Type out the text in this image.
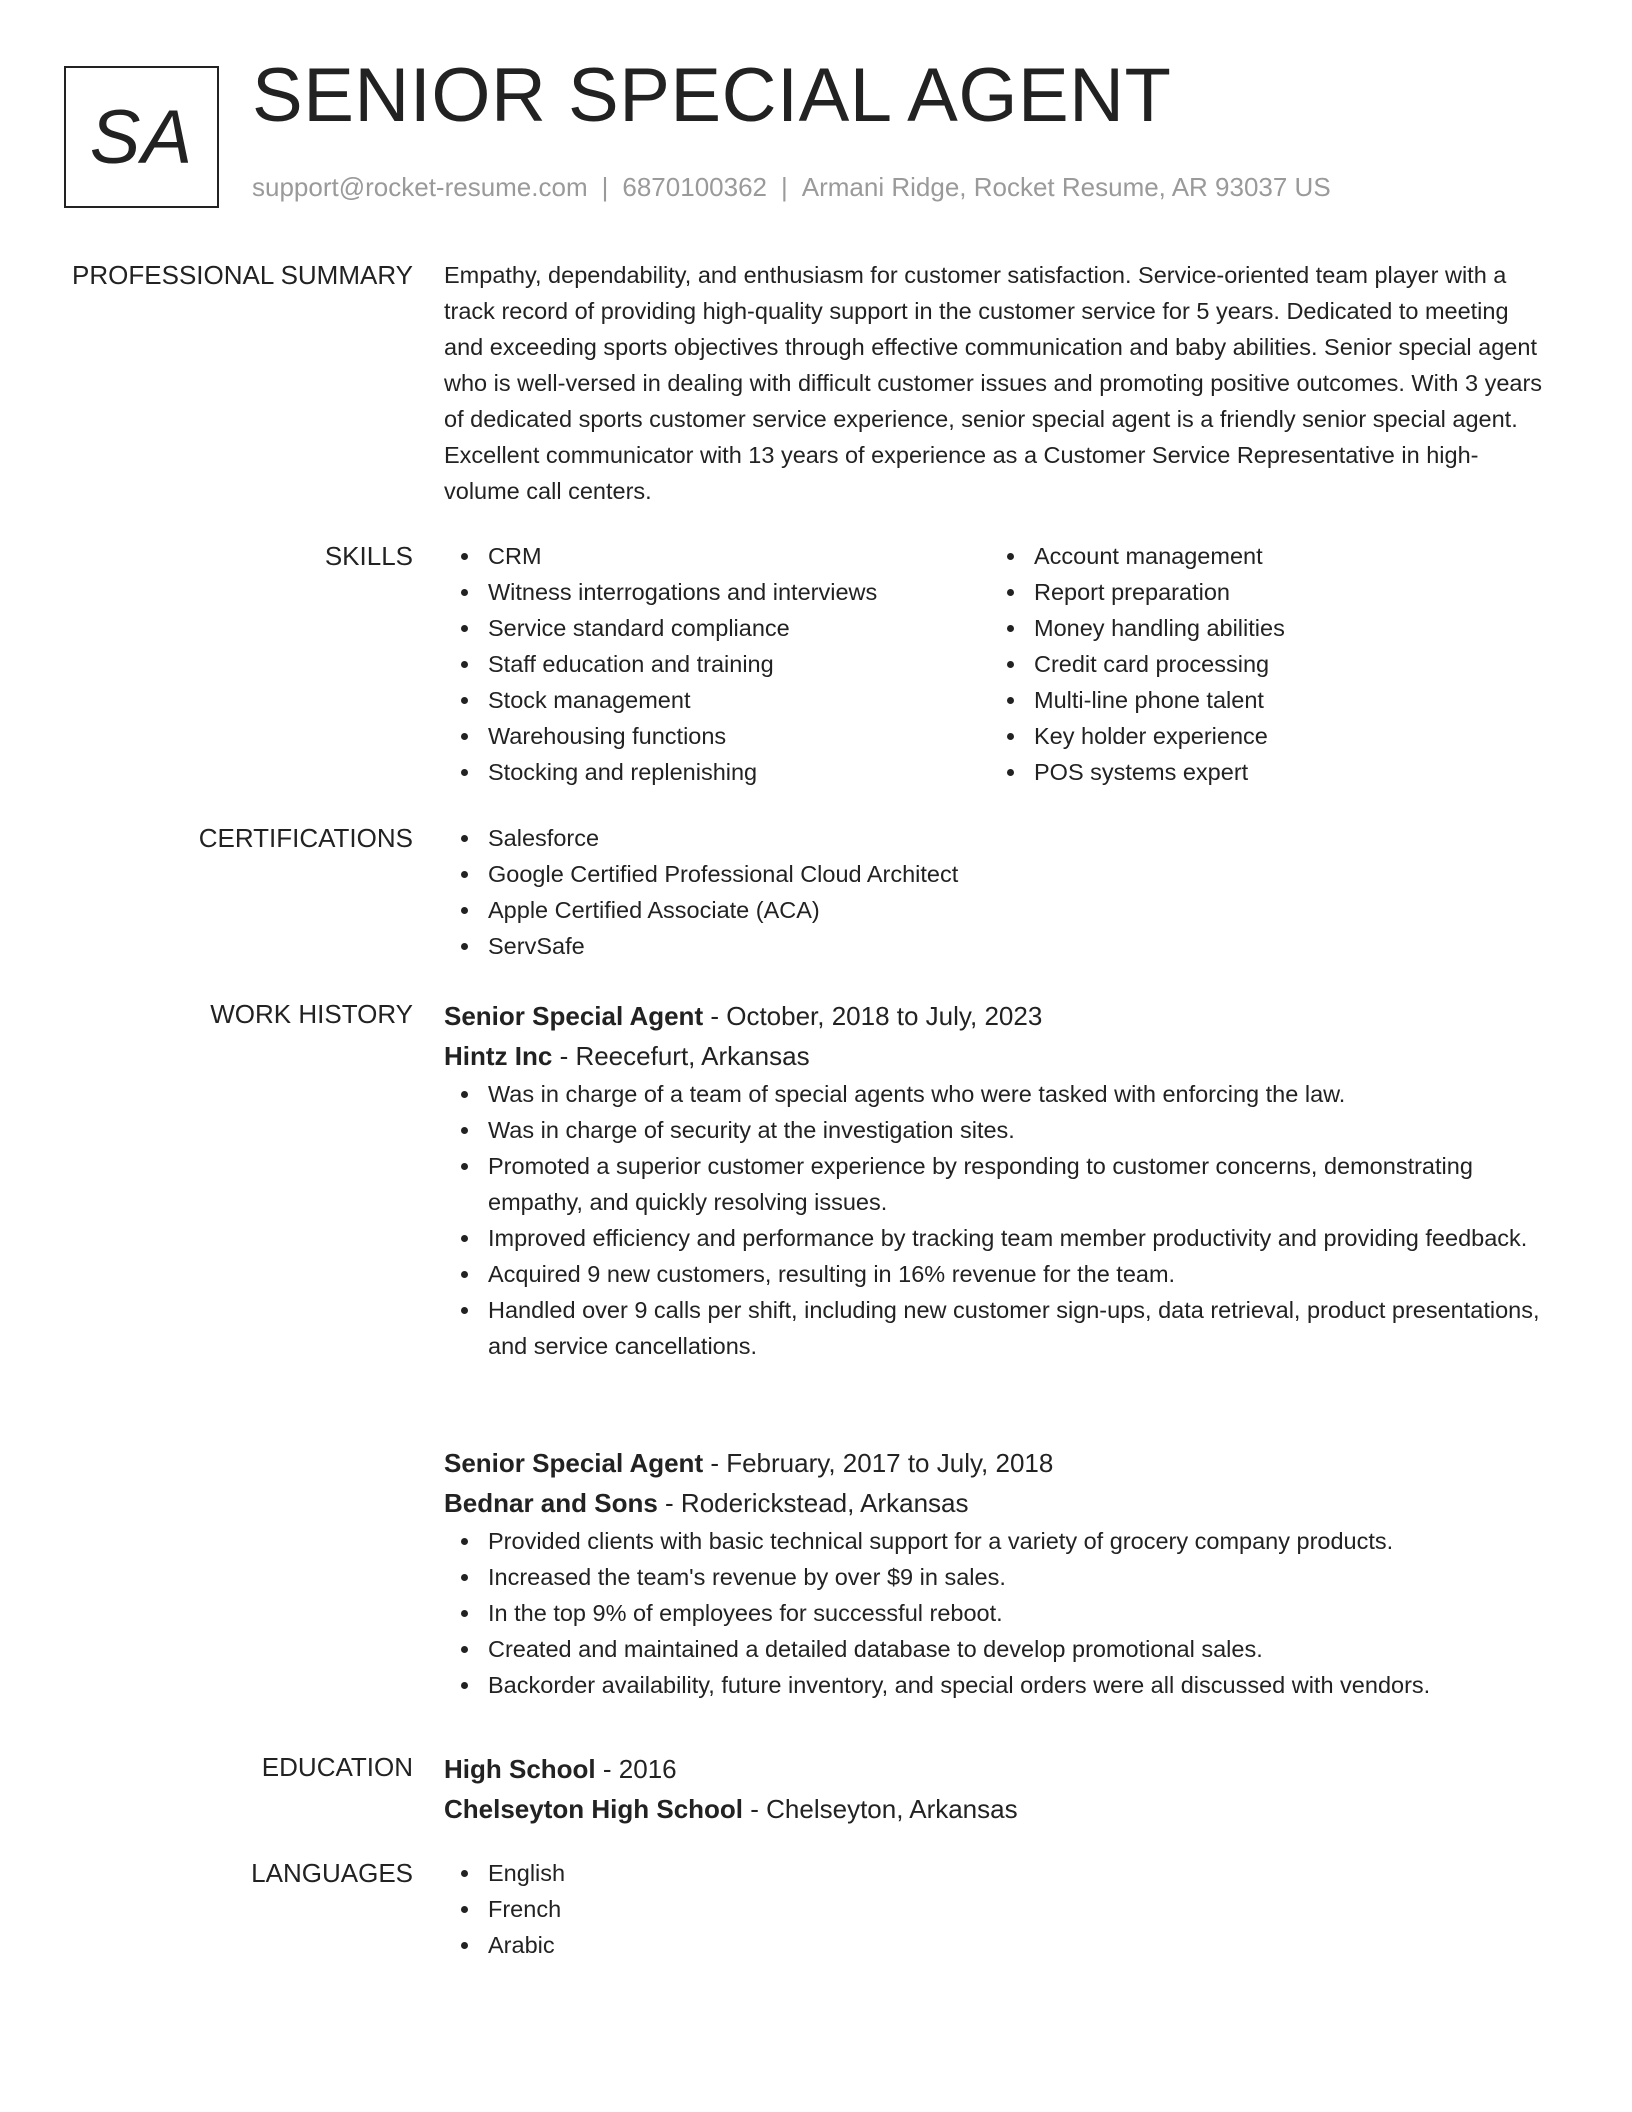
SA SENIOR SPECIAL AGENT
support@rocket-resume.com | 6870100362 | Armani Ridge, Rocket Resume, AR 93037 US
PROFESSIONAL SUMMARY Empathy, dependability, and enthusiasm for customer satisfaction. Service-oriented team player with a track record of providing high-quality support in the customer service for 5 years. Dedicated to meeting and exceeding sports objectives through effective communication and baby abilities. Senior special agent who is well-versed in dealing with difficult customer issues and promoting positive outcomes. With 3 years of dedicated sports customer service experience, senior special agent is a friendly senior special agent. Excellent communicator with 13 years of experience as a Customer Service Representative in high-volume call centers.

SKILLS	CRM
Witness interrogations and interviews
Service standard compliance
Staff education and training
Stock management
Warehousing functions
Stocking and replenishing
Account management
Report preparation
Money handling abilities
Credit card processing
Multi-line phone talent
Key holder experience
POS systems expert
CERTIFICATIONS	Salesforce
Google Certified Professional Cloud Architect
Apple Certified Associate (ACA)
ServSafe
WORK HISTORY Senior Special Agent - October, 2018 to July, 2023
Hintz Inc - Reecefurt, Arkansas
Was in charge of a team of special agents who were tasked with enforcing the law.
Was in charge of security at the investigation sites.
Promoted a superior customer experience by responding to customer concerns, demonstrating empathy, and quickly resolving issues.
Improved efficiency and performance by tracking team member productivity and providing feedback.
Acquired 9 new customers, resulting in 16% revenue for the team.
Handled over 9 calls per shift, including new customer sign-ups, data retrieval, product presentations, and service cancellations.
Senior Special Agent - February, 2017 to July, 2018
Bednar and Sons - Roderickstead, Arkansas
Provided clients with basic technical support for a variety of grocery company products.
Increased the team's revenue by over $9 in sales.
In the top 9% of employees for successful reboot.
Created and maintained a detailed database to develop promotional sales.
Backorder availability, future inventory, and special orders were all discussed with vendors.
EDUCATION High School - 2016
Chelseyton High School - Chelseyton, Arkansas
LANGUAGES	English
French
Arabic
